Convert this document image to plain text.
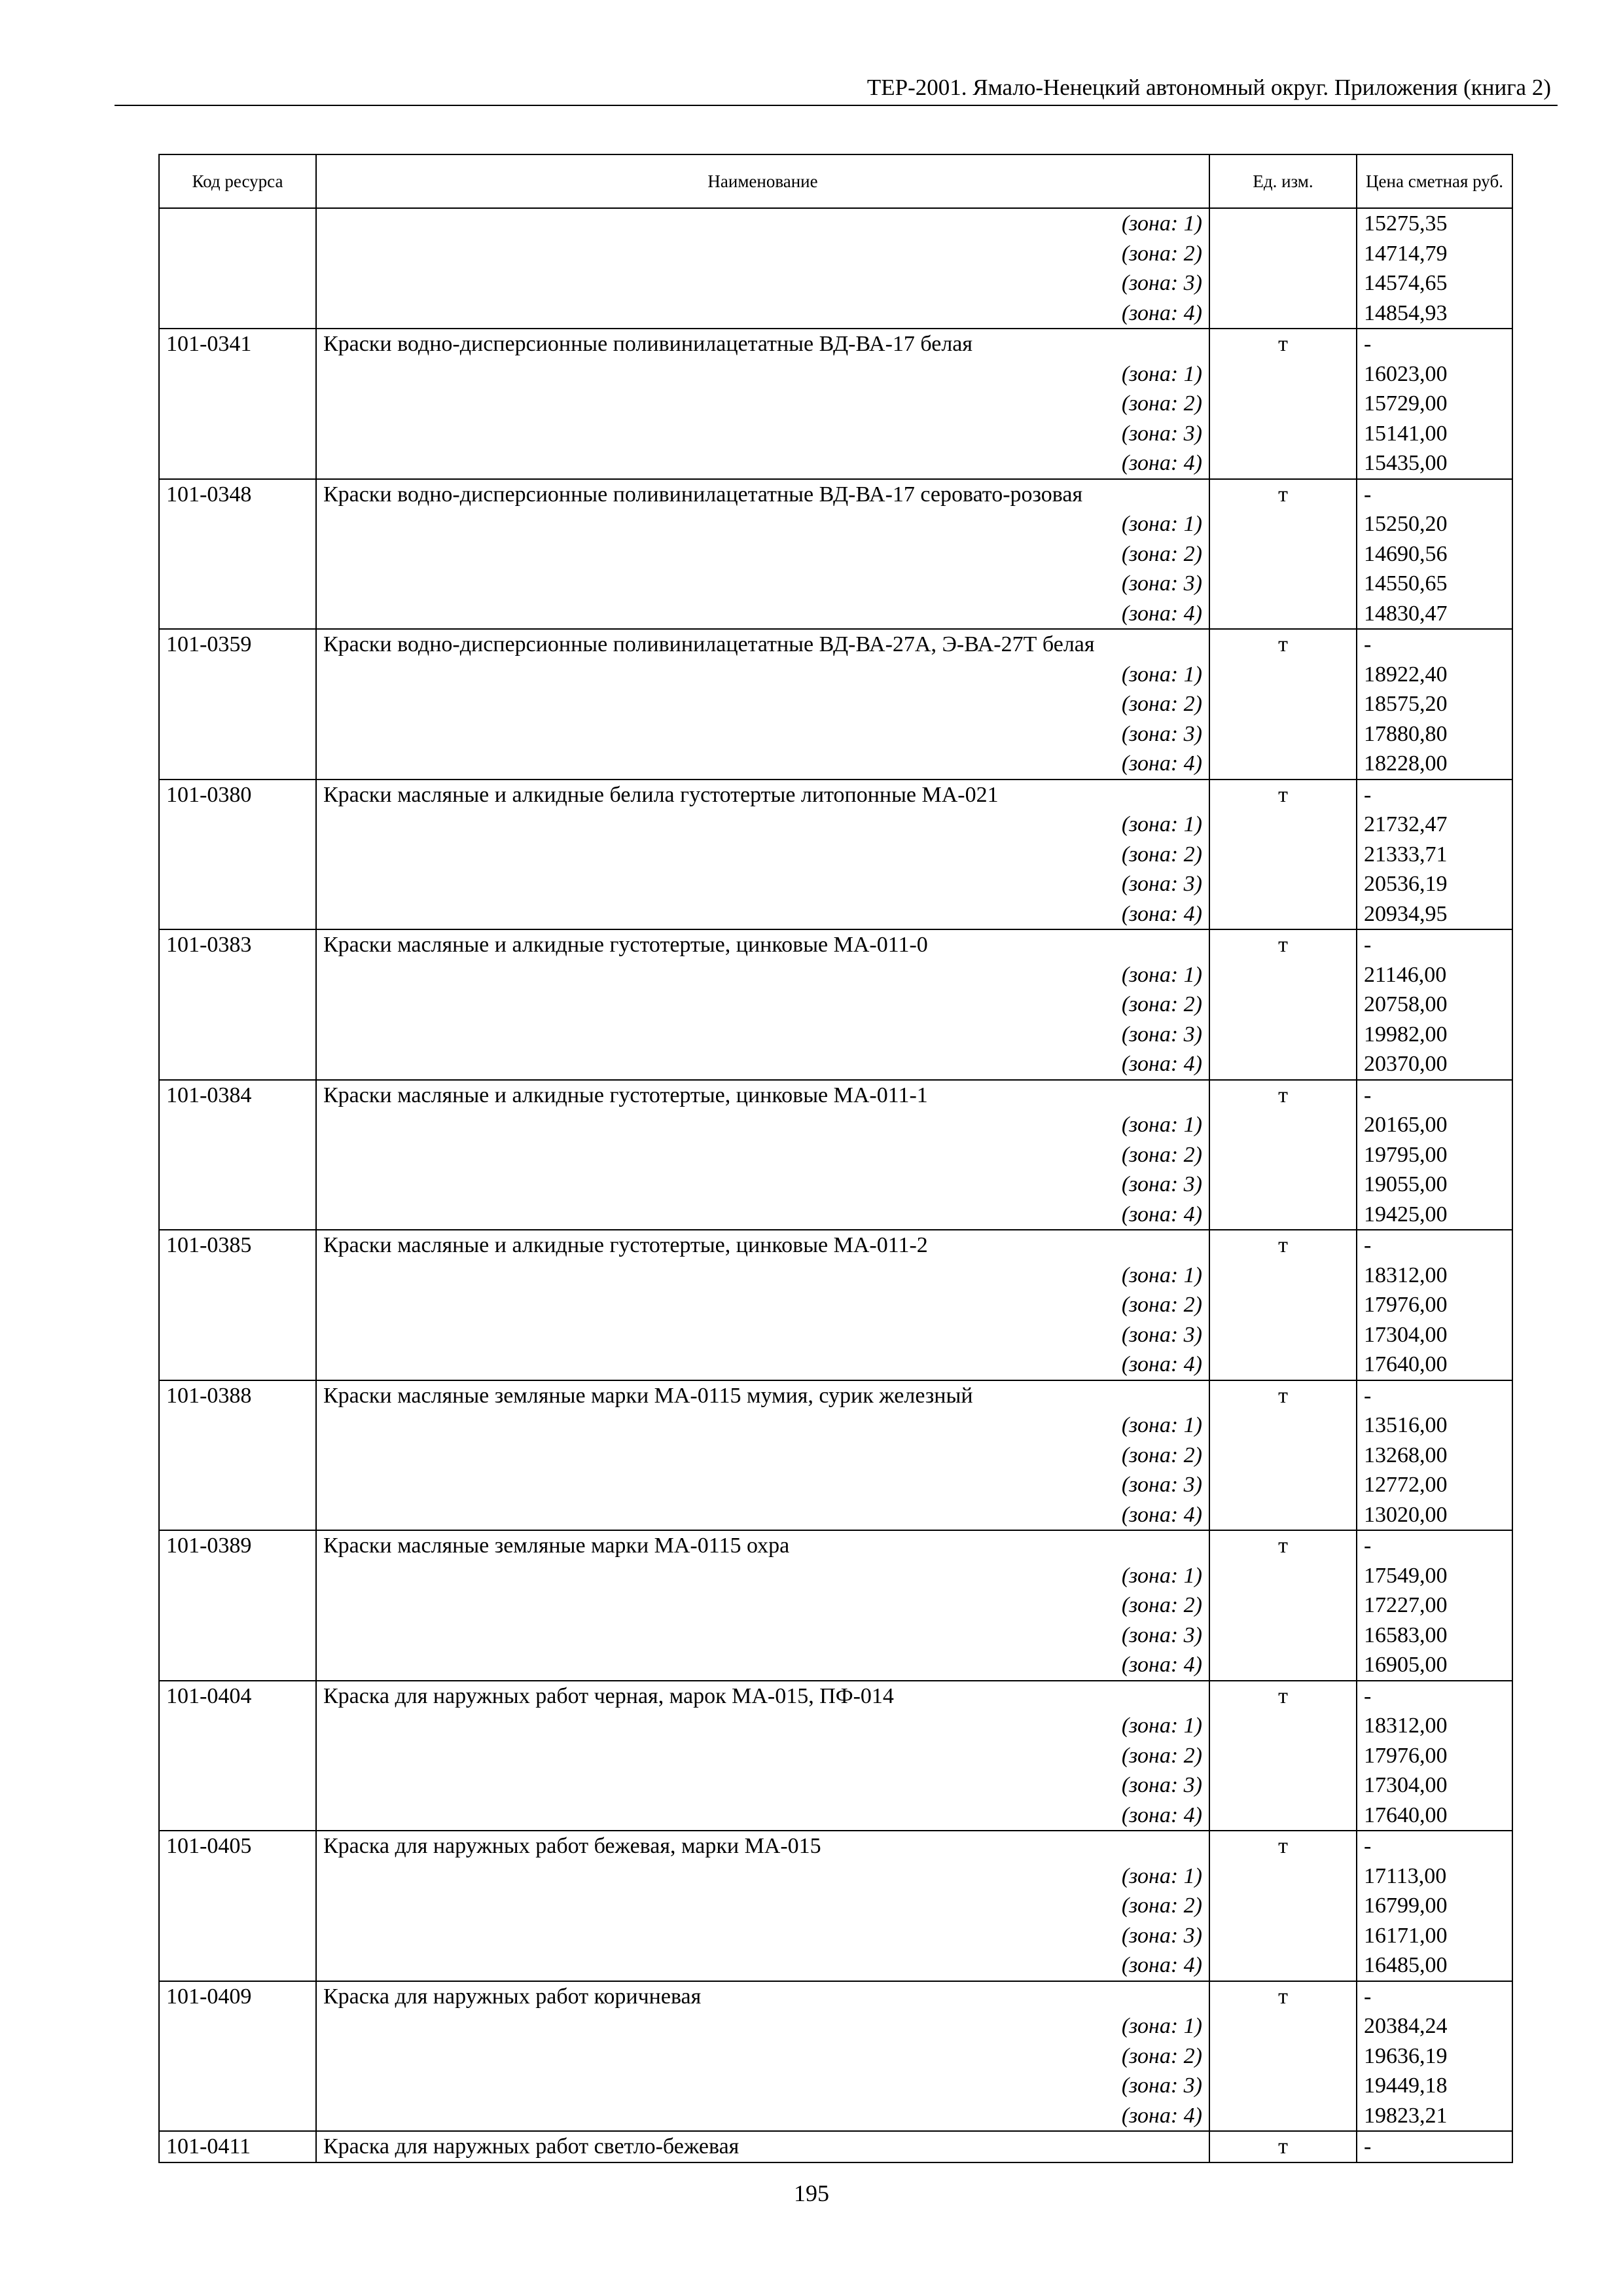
ТЕР-2001. Ямало-Ненецкий автономный округ. Приложения (книга 2)
Код ресурса	Наименование	Ед. изм.	Цена сметная руб.
	(зона: 1)		15275,35
	(зона: 2)		14714,79
	(зона: 3)		14574,65
	(зона: 4)		14854,93
101-0341	Краски водно-дисперсионные поливинилацетатные ВД-ВА-17 белая	т	-
	(зона: 1)		16023,00
	(зона: 2)		15729,00
	(зона: 3)		15141,00
	(зона: 4)		15435,00
101-0348	Краски водно-дисперсионные поливинилацетатные ВД-ВА-17 серовато-розовая	т	-
	(зона: 1)		15250,20
	(зона: 2)		14690,56
	(зона: 3)		14550,65
	(зона: 4)		14830,47
101-0359	Краски водно-дисперсионные поливинилацетатные ВД-ВА-27А, Э-ВА-27Т белая	т	-
	(зона: 1)		18922,40
	(зона: 2)		18575,20
	(зона: 3)		17880,80
	(зона: 4)		18228,00
101-0380	Краски масляные и алкидные белила густотертые литопонные МА-021	т	-
	(зона: 1)		21732,47
	(зона: 2)		21333,71
	(зона: 3)		20536,19
	(зона: 4)		20934,95
101-0383	Краски масляные и алкидные густотертые, цинковые МА-011-0	т	-
	(зона: 1)		21146,00
	(зона: 2)		20758,00
	(зона: 3)		19982,00
	(зона: 4)		20370,00
101-0384	Краски масляные и алкидные густотертые, цинковые МА-011-1	т	-
	(зона: 1)		20165,00
	(зона: 2)		19795,00
	(зона: 3)		19055,00
	(зона: 4)		19425,00
101-0385	Краски масляные и алкидные густотертые, цинковые МА-011-2	т	-
	(зона: 1)		18312,00
	(зона: 2)		17976,00
	(зона: 3)		17304,00
	(зона: 4)		17640,00
101-0388	Краски масляные земляные марки МА-0115 мумия, сурик железный	т	-
	(зона: 1)		13516,00
	(зона: 2)		13268,00
	(зона: 3)		12772,00
	(зона: 4)		13020,00
101-0389	Краски масляные земляные марки МА-0115 охра	т	-
	(зона: 1)		17549,00
	(зона: 2)		17227,00
	(зона: 3)		16583,00
	(зона: 4)		16905,00
101-0404	Краска для наружных работ черная, марок МА-015, ПФ-014	т	-
	(зона: 1)		18312,00
	(зона: 2)		17976,00
	(зона: 3)		17304,00
	(зона: 4)		17640,00
101-0405	Краска для наружных работ бежевая, марки МА-015	т	-
	(зона: 1)		17113,00
	(зона: 2)		16799,00
	(зона: 3)		16171,00
	(зона: 4)		16485,00
101-0409	Краска для наружных работ коричневая	т	-
	(зона: 1)		20384,24
	(зона: 2)		19636,19
	(зона: 3)		19449,18
	(зона: 4)		19823,21
101-0411	Краска для наружных работ светло-бежевая	т	-
195
